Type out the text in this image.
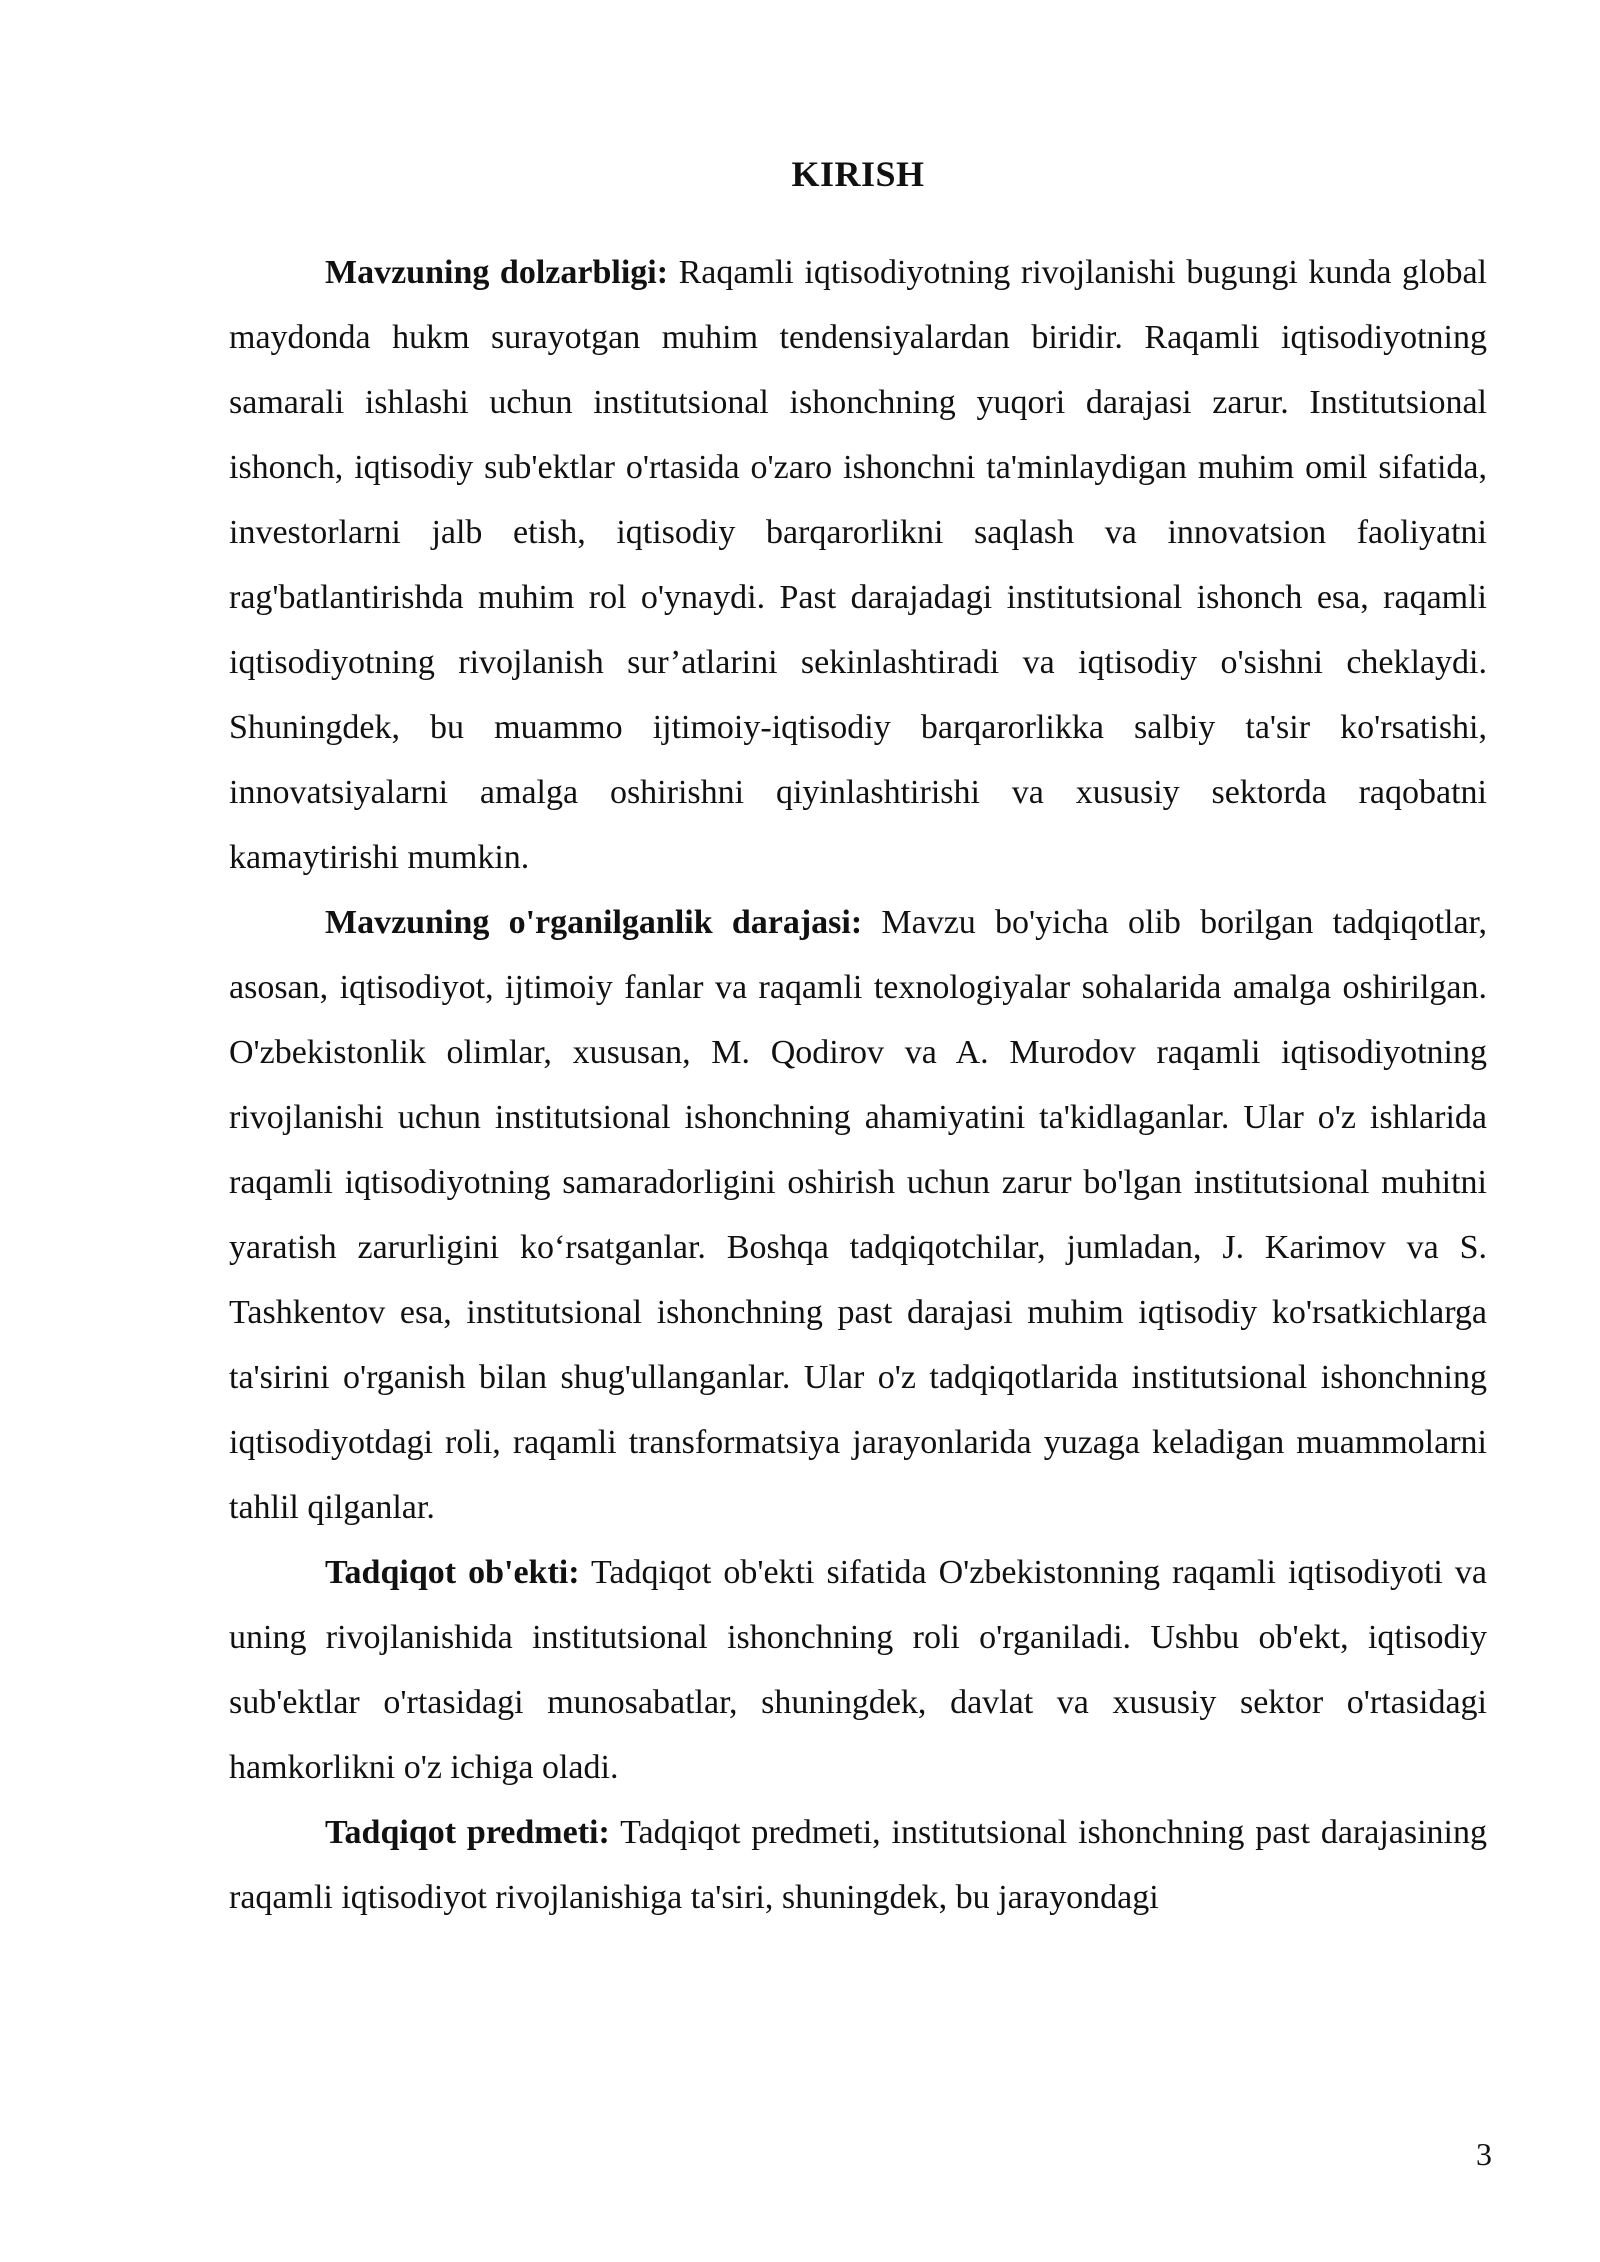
KIRISH

Mavzuning dolzarbligi: Raqamli iqtisodiyotning rivojlanishi bugungi kunda global maydonda hukm surayotgan muhim tendensiyalardan biridir. Raqamli iqtisodiyotning samarali ishlashi uchun institutsional ishonchning yuqori darajasi zarur. Institutsional ishonch, iqtisodiy sub'ektlar o'rtasida o'zaro ishonchni ta'minlaydigan muhim omil sifatida, investorlarni jalb etish, iqtisodiy barqarorlikni saqlash va innovatsion faoliyatni rag'batlantirishda muhim rol o'ynaydi. Past darajadagi institutsional ishonch esa, raqamli iqtisodiyotning rivojlanish sur’atlarini sekinlashtiradi va iqtisodiy o'sishni cheklaydi. Shuningdek, bu muammo ijtimoiy-iqtisodiy barqarorlikka salbiy ta'sir ko'rsatishi, innovatsiyalarni amalga oshirishni qiyinlashtirishi va xususiy sektorda raqobatni kamaytirishi mumkin.

Mavzuning o'rganilganlik darajasi: Mavzu bo'yicha olib borilgan tadqiqotlar, asosan, iqtisodiyot, ijtimoiy fanlar va raqamli texnologiyalar sohalarida amalga oshirilgan. O'zbekistonlik olimlar, xususan, M. Qodirov va A. Murodov raqamli iqtisodiyotning rivojlanishi uchun institutsional ishonchning ahamiyatini ta'kidlaganlar. Ular o'z ishlarida raqamli iqtisodiyotning samaradorligini oshirish uchun zarur bo'lgan institutsional muhitni yaratish zarurligini ko‘rsatganlar. Boshqa tadqiqotchilar, jumladan, J. Karimov va S. Tashkentov esa, institutsional ishonchning past darajasi muhim iqtisodiy ko'rsatkichlarga ta'sirini o'rganish bilan shug'ullanganlar. Ular o'z tadqiqotlarida institutsional ishonchning iqtisodiyotdagi roli, raqamli transformatsiya jarayonlarida yuzaga keladigan muammolarni tahlil qilganlar.

Tadqiqot ob'ekti: Tadqiqot ob'ekti sifatida O'zbekistonning raqamli iqtisodiyoti va uning rivojlanishida institutsional ishonchning roli o'rganiladi. Ushbu ob'ekt, iqtisodiy sub'ektlar o'rtasidagi munosabatlar, shuningdek, davlat va xususiy sektor o'rtasidagi hamkorlikni o'z ichiga oladi.

Tadqiqot predmeti: Tadqiqot predmeti, institutsional ishonchning past darajasining raqamli iqtisodiyot rivojlanishiga ta'siri, shuningdek, bu jarayondagi

3
